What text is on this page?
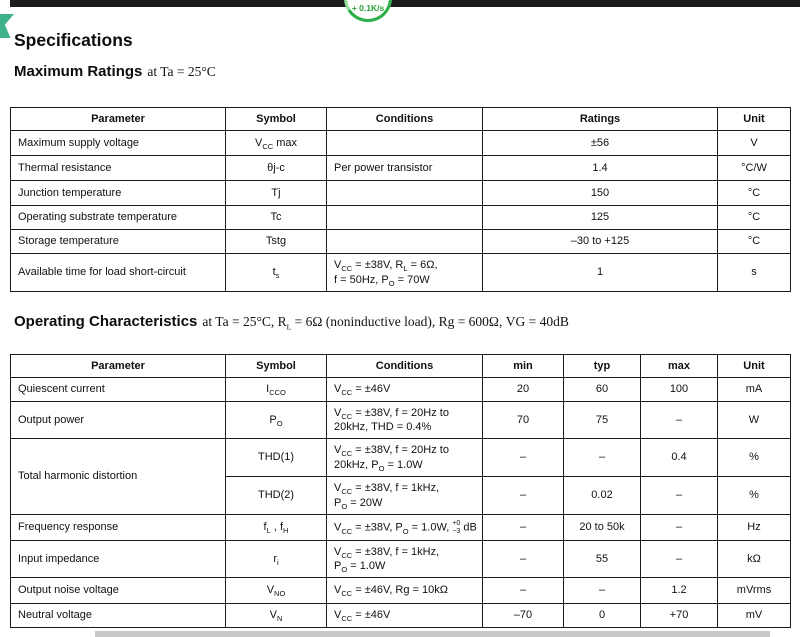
+ 0.1K/s
Specifications
Maximum Ratings at Ta = 25°C
Parameter	Symbol	Conditions	Ratings	Unit
Maximum supply voltage	$V_{CC}$ max		±56	V
Thermal resistance	θj-c	Per power transistor	1.4	°C/W
Junction temperature	Tj		150	°C
Operating substrate temperature	Tc		125	°C
Storage temperature	Tstg		–30 to +125	°C
Available time for load short-circuit	$t_s$	$V_{CC} = \pm 38V$, $R_L = 6\Omega$,
f = 50Hz, $P_O = 70W$	1	s
Operating Characteristics at Ta = 25°C, $R_L = 6\Omega$ (noninductive load), Rg = 600Ω, VG = 40dB
Parameter	Symbol	Conditions	min	typ	max	Unit
Quiescent current	$I_{CCO}$	$V_{CC} = \pm 46V$	20	60	100	mA
Output power	$P_O$	$V_{CC} = \pm 38V$, f = 20Hz to
20kHz, THD = 0.4%	70	75	–	W
Total harmonic distortion	THD(1)	$V_{CC} = \pm 38V$, f = 20Hz to
20kHz, $P_O = 1.0W$	–	–	0.4	%
	THD(2)	$V_{CC} = \pm 38V$, f = 1kHz,
$P_O = 20W$	–	0.02	–	%
Frequency response	$f_L$ , $f_H$	$V_{CC} = \pm 38V$, $P_O = 1.0W$, +0
−3 dB	–	20 to 50k	–	Hz
Input impedance	$r_i$	$V_{CC} = \pm 38V$, f = 1kHz,
$P_O = 1.0W$	–	55	–	kΩ
Output noise voltage	$V_{NO}$	$V_{CC} = \pm 46V$, Rg = 10kΩ	–	–	1.2	mVrms
Neutral voltage	$V_N$	$V_{CC} = \pm 46V$	–70	0	+70	mV
